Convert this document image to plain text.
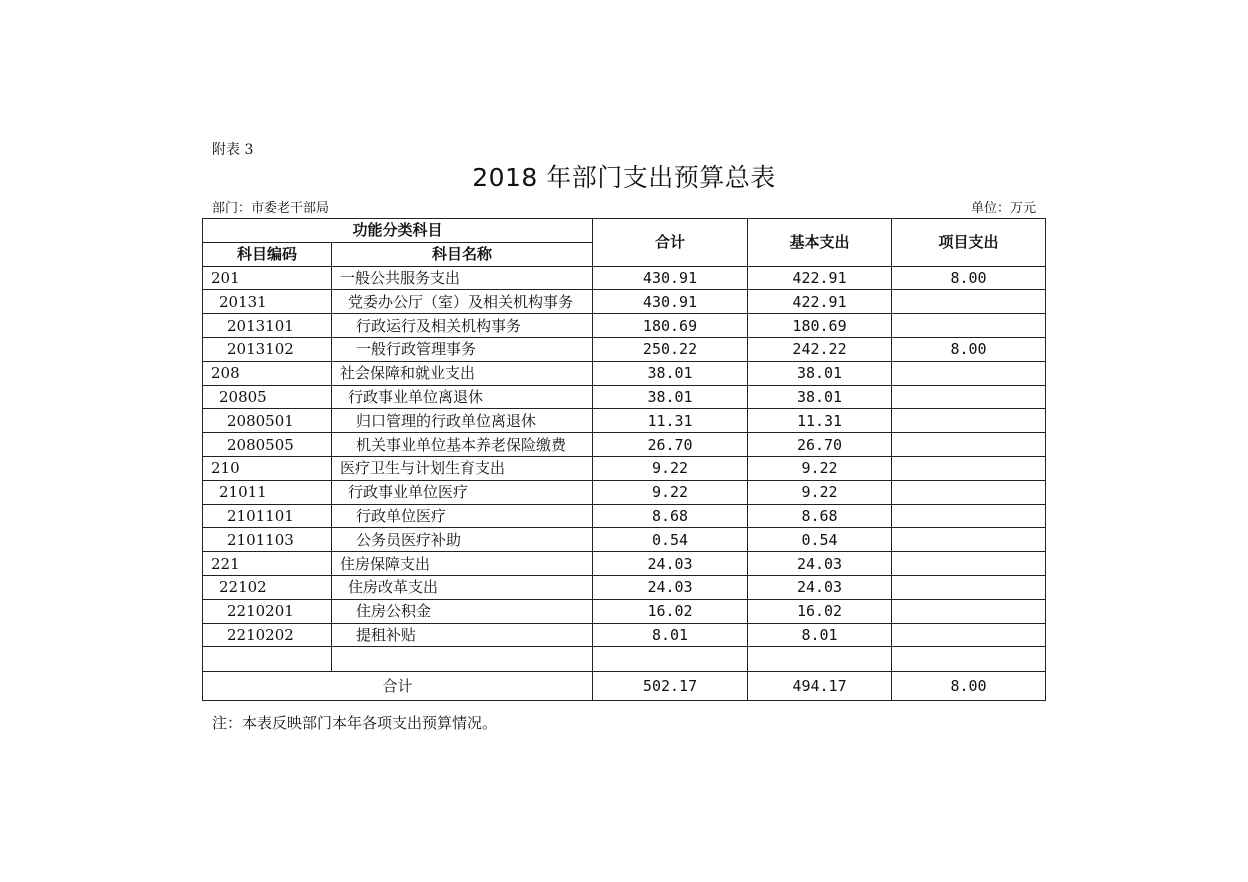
附表 3
2018 年部门支出预算总表
部门：市委老干部局	单位：万元
功能分类科目		合计	基本支出	项目支出
科目编码	科目名称			
201	一般公共服务支出	430.91	422.91	8.00
20131	党委办公厅（室）及相关机构事务	430.91	422.91	
2013101	行政运行及相关机构事务	180.69	180.69	
2013102	一般行政管理事务	250.22	242.22	8.00
208	社会保障和就业支出	38.01	38.01	
20805	行政事业单位离退休	38.01	38.01	
2080501	归口管理的行政单位离退休	11.31	11.31	
2080505	机关事业单位基本养老保险缴费	26.70	26.70	
210	医疗卫生与计划生育支出	9.22	9.22	
21011	行政事业单位医疗	9.22	9.22	
2101101	行政单位医疗	8.68	8.68	
2101103	公务员医疗补助	0.54	0.54	
221	住房保障支出	24.03	24.03	
22102	住房改革支出	24.03	24.03	
2210201	住房公积金	16.02	16.02	
2210202	提租补贴	8.01	8.01	

合计		502.17	494.17	8.00
注：本表反映部门本年各项支出预算情况。
